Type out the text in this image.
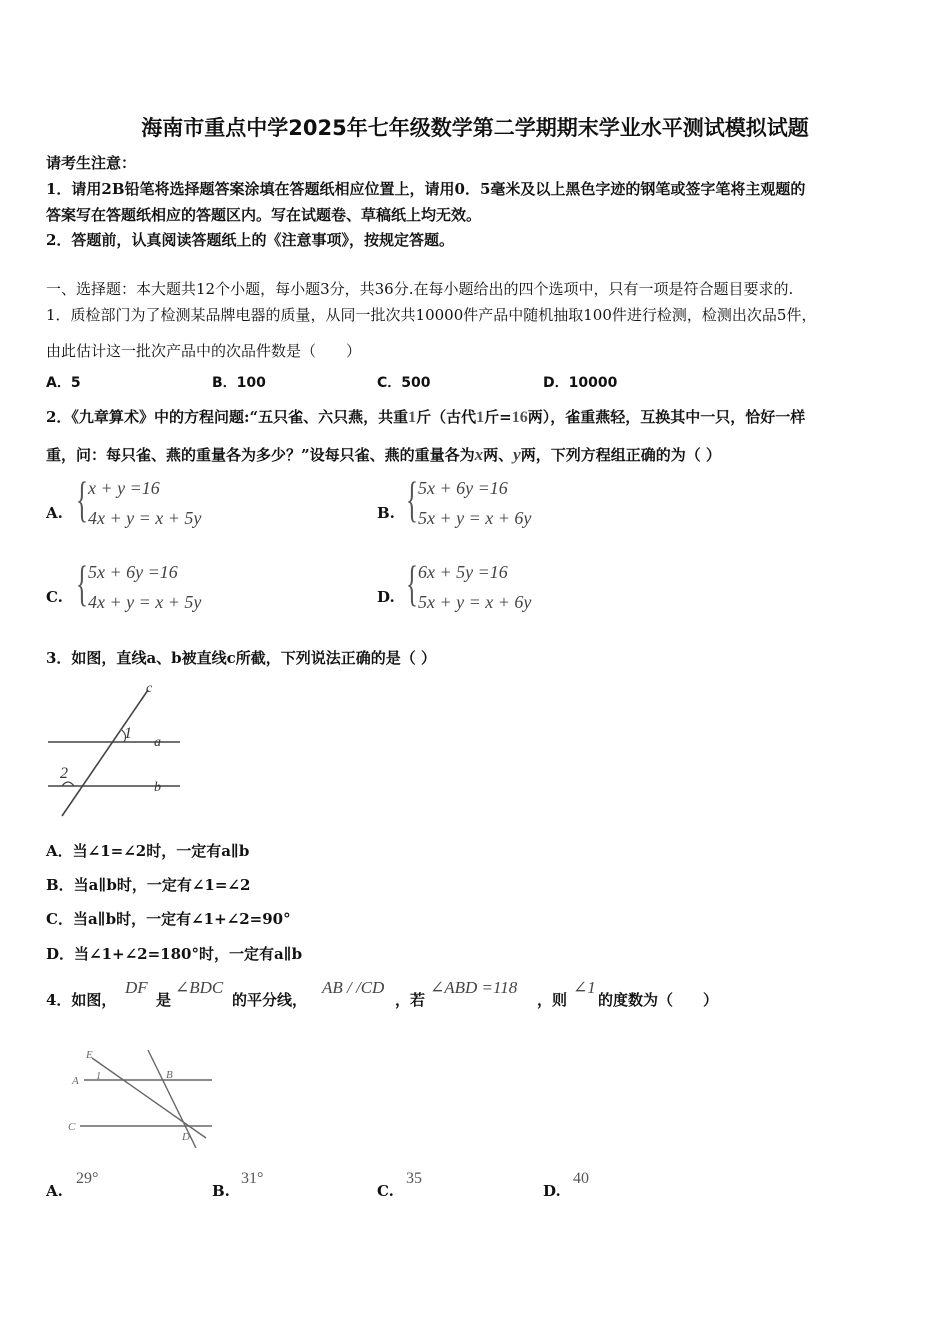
海南市重点中学2025年七年级数学第二学期期末学业水平测试模拟试题
请考生注意：
1．请用2B铅笔将选择题答案涂填在答题纸相应位置上，请用0．5毫米及以上黑色字迹的钢笔或签字笔将主观题的
答案写在答题纸相应的答题区内。写在试题卷、草稿纸上均无效。
2．答题前，认真阅读答题纸上的《注意事项》，按规定答题。
一、选择题：本大题共12个小题，每小题3分，共36分.在每小题给出的四个选项中，只有一项是符合题目要求的.
1．质检部门为了检测某品牌电器的质量，从同一批次共10000件产品中随机抽取100件进行检测，检测出次品5件，
由此估计这一批次产品中的次品件数是（　　）
A．5	B．100	C．500	D．10000
2．《九章算术》中的方程问题:“五只雀、六只燕，共重1斤（古代1斤=16两），雀重燕轻，互换其中一只，恰好一样
重，问：每只雀、燕的重量各为多少？”设每只雀、燕的重量各为x两、y两，下列方程组正确的为（ ）
A. { x + y =16
4x + y = x + 5y	B. { 5x + 6y =16
5x + y = x + 6y
C. { 5x + 6y =16
4x + y = x + 5y	D. { 6x + 5y =16
5x + y = x + 6y
3．如图，直线a、b被直线c所截，下列说法正确的是（ ）
c
1
a
2
b
A．当∠1=∠2时，一定有a∥b
B．当a∥b时，一定有∠1=∠2
C．当a∥b时，一定有∠1+∠2=90°
D．当∠1+∠2=180°时，一定有a∥b
4．如图，
DF
是
∠BDC
的平分线，
AB / /CD
，若
∠ABD =118
，则
∠1
的度数为（　　）
E
A 1	B
C
D
A.
29°
B.
31°
C.
35
D.
40
